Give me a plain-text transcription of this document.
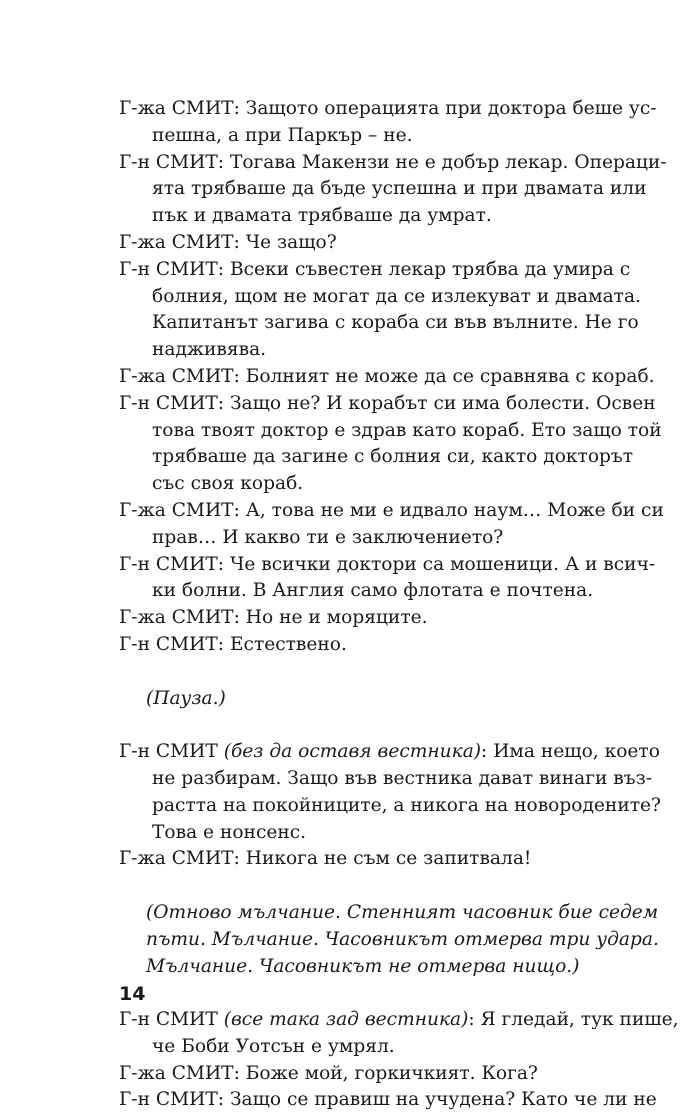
Г-жа СМИТ: Защото операцията при доктора беше ус-
пешна, а при Паркър – не.
Г-н СМИТ: Тогава Макензи не е добър лекар. Операци-
ята трябваше да бъде успешна и при двамата или
пък и двамата трябваше да умрат.
Г-жа СМИТ: Че защо?
Г-н СМИТ: Всеки съвестен лекар трябва да умира с
болния, щом не могат да се излекуват и двамата.
Капитанът загива с кораба си във вълните. Не го
надживява.
Г-жа СМИТ: Болният не може да се сравнява с кораб.
Г-н СМИТ: Защо не? И корабът си има болести. Освен
това твоят доктор е здрав като кораб. Ето защо той
трябваше да загине с болния си, както докторът
със своя кораб.
Г-жа СМИТ: А, това не ми е идвало наум… Може би си
прав… И какво ти е заключението?
Г-н СМИТ: Че всички доктори са мошеници. А и всич-
ки болни. В Англия само флотата е почтена.
Г-жа СМИТ: Но не и моряците.
Г-н СМИТ: Естествено.
(Пауза.)
Г-н СМИТ (без да оставя вестника): Има нещо, което
не разбирам. Защо във вестника дават винаги въз-
растта на покойниците, а никога на новородените?
Това е нонсенс.
Г-жа СМИТ: Никога не съм се запитвала!
(Отново мълчание. Стенният часовник бие седем
пъти. Мълчание. Часовникът отмерва три удара.
Мълчание. Часовникът не отмерва нищо.)
Г-н СМИТ (все така зад вестника): Я гледай, тук пише,
че Боби Уотсън е умрял.
Г-жа СМИТ: Боже мой, горкичкият. Кога?
Г-н СМИТ: Защо се правиш на учудена? Като че ли не
14
